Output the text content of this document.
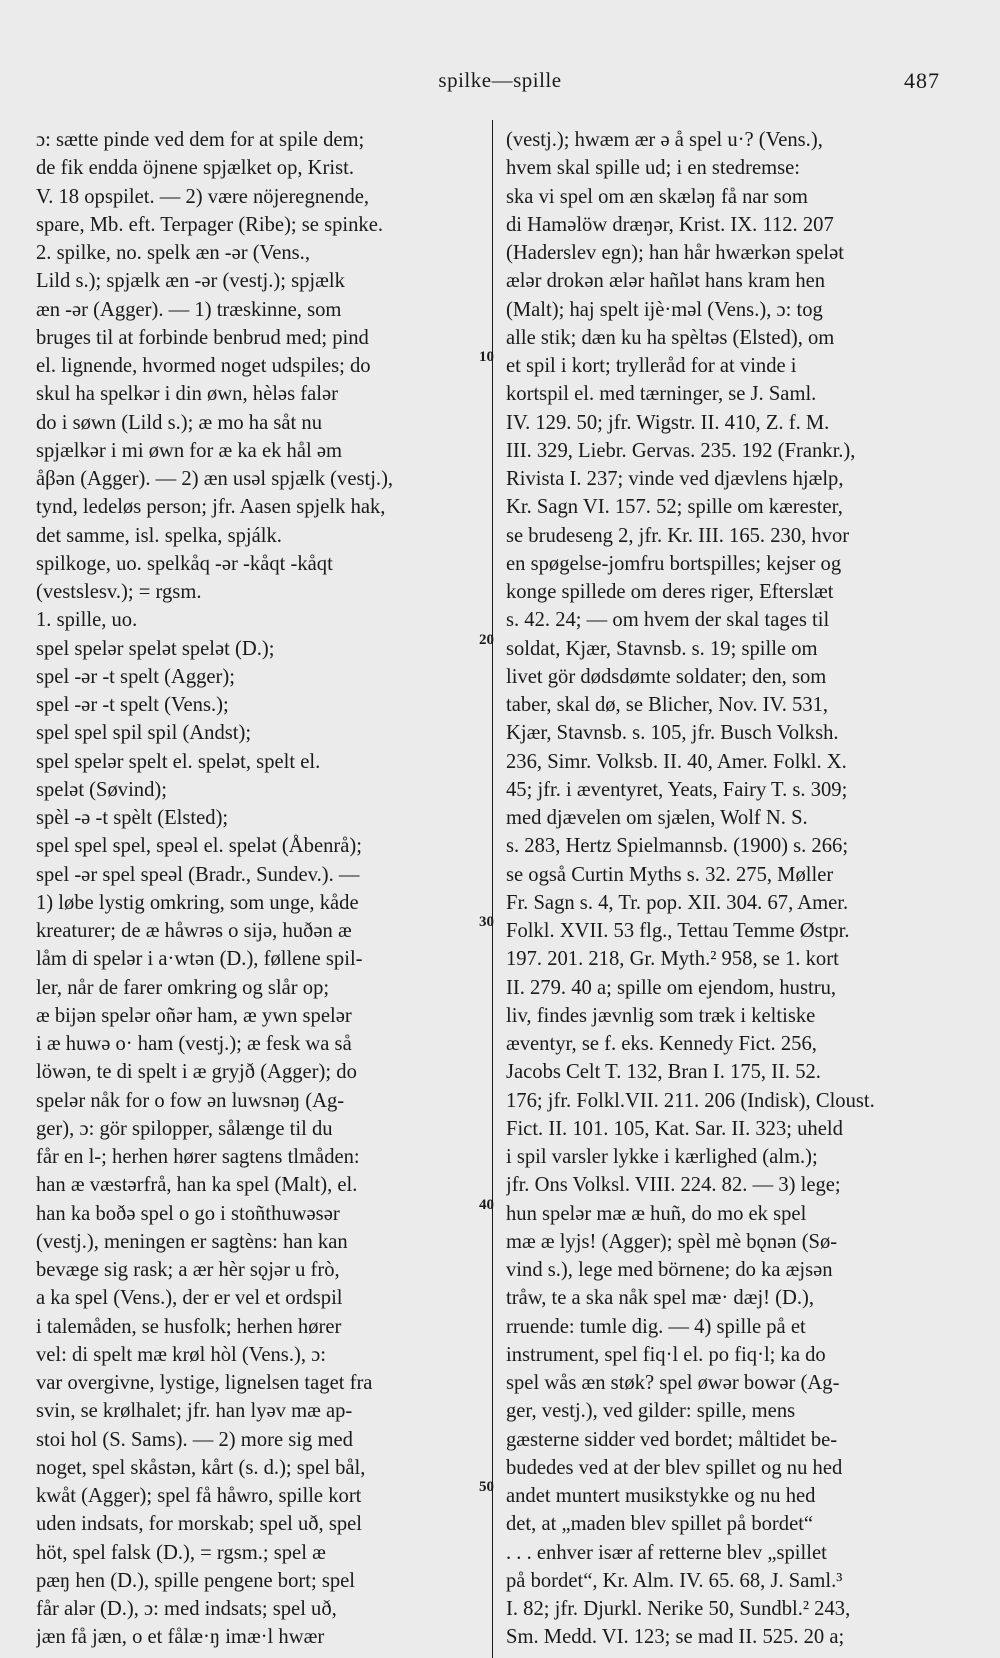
spilke—spille	487
ɔ: sætte pinde ved dem for at spile dem;
de fik endda öjnene spjælket op, Krist.
V. 18 opspilet. — 2) være nöjeregnende,
spare, Mb. eft. Terpager (Ribe); se spinke.
2. spilke, no. spelk æn -ər (Vens.,
Lild s.); spjælk æn -ər (vestj.); spjælk
æn -ər (Agger). — 1) træskinne, som
bruges til at forbinde benbrud med; pind
el. lignende, hvormed noget udspiles; do
skul ha spelkər i din øwn, hèləs falər
do i søwn (Lild s.); æ mo ha såt nu
spjælkər i mi øwn for æ ka ek hål əm
åβən (Agger). — 2) æn usəl spjælk (vestj.),
tynd, ledeløs person; jfr. Aasen spjelk hak,
det samme, isl. spelka, spjálk.
spilkoge, uo. spelkåq -ər -kåqt -kåqt
(vestslesv.); = rgsm.
1. spille, uo.
spel spelər spelət spelət (D.);
spel -ər -t spelt (Agger);
spel -ər -t spelt (Vens.);
spel spel spil spil (Andst);
spel spelər spelt el. spelət, spelt el.
spelət (Søvind);
spèl -ə -t spèlt (Elsted);
spel spel spel, speəl el. spelət (Åbenrå);
spel -ər spel speəl (Bradr., Sundev.). —
1) løbe lystig omkring, som unge, kåde
kreaturer; de æ håwrəs o sijə, huðən æ
låm di spelər i a·wtən (D.), føllene spil-
ler, når de farer omkring og slår op;
æ bijən spelər oñər ham, æ ywn spelər
i æ huwə o· ham (vestj.); æ fesk wa så
löwən, te di spelt i æ gryjð (Agger); do
spelər nåk for o fow ən luwsnəŋ (Ag-
ger), ɔ: gör spilopper, sålænge til du
får en l-; herhen hører sagtens tlmåden:
han æ væstərfrå, han ka spel (Malt), el.
han ka boðə spel o go i stoñthuwəsər
(vestj.), meningen er sagtèns: han kan
bevæge sig rask; a ær hèr sǫjər u frò,
a ka spel (Vens.), der er vel et ordspil
i talemåden, se husfolk; herhen hører
vel: di spelt mæ krøl hòl (Vens.), ɔ:
var overgivne, lystige, lignelsen taget fra
svin, se krølhalet; jfr. han lyəv mæ ap-
stoi hol (S. Sams). — 2) more sig med
noget, spel skåstən, kårt (s. d.); spel bål,
kwåt (Agger); spel få håwro, spille kort
uden indsats, for morskab; spel uð, spel
höt, spel falsk (D.), = rgsm.; spel æ
pæŋ hen (D.), spille pengene bort; spel
får alər (D.), ɔ: med indsats; spel uð,
jæn få jæn, o et fålæ·ŋ imæ·l hwær
(vestj.); hwæm ær ə å spel u·? (Vens.),
hvem skal spille ud; i en stedremse:
ska vi spel om æn skæləŋ få nar som
di Haməlöw dræŋər, Krist. IX. 112. 207
(Haderslev egn); han hår hwærkən spelət
ælər drokən ælər hañlət hans kram hen
(Malt); haj spelt ijè·məl (Vens.), ɔ: tog
alle stik; dæn ku ha spèltəs (Elsted), om
et spil i kort; trylleråd for at vinde i
kortspil el. med tærninger, se J. Saml.
IV. 129. 50; jfr. Wigstr. II. 410, Z. f. M.
III. 329, Liebr. Gervas. 235. 192 (Frankr.),
Rivista I. 237; vinde ved djævlens hjælp,
Kr. Sagn VI. 157. 52; spille om kærester,
se brudeseng 2, jfr. Kr. III. 165. 230, hvor
en spøgelse-jomfru bortspilles; kejser og
konge spillede om deres riger, Efterslæt
s. 42. 24; — om hvem der skal tages til
soldat, Kjær, Stavnsb. s. 19; spille om
livet gör dødsdømte soldater; den, som
taber, skal dø, se Blicher, Nov. IV. 531,
Kjær, Stavnsb. s. 105, jfr. Busch Volksh.
236, Simr. Volksb. II. 40, Amer. Folkl. X.
45; jfr. i æventyret, Yeats, Fairy T. s. 309;
med djævelen om sjælen, Wolf N. S.
s. 283, Hertz Spielmannsb. (1900) s. 266;
se også Curtin Myths s. 32. 275, Møller
Fr. Sagn s. 4, Tr. pop. XII. 304. 67, Amer.
Folkl. XVII. 53 flg., Tettau Temme Østpr.
197. 201. 218, Gr. Myth.² 958, se 1. kort
II. 279. 40 a; spille om ejendom, hustru,
liv, findes jævnlig som træk i keltiske
æventyr, se f. eks. Kennedy Fict. 256,
Jacobs Celt T. 132, Bran I. 175, II. 52.
176; jfr. Folkl.VII. 211. 206 (Indisk), Cloust.
Fict. II. 101. 105, Kat. Sar. II. 323; uheld
i spil varsler lykke i kærlighed (alm.);
jfr. Ons Volksl. VIII. 224. 82. — 3) lege;
hun spelər mæ æ huñ, do mo ek spel
mæ æ lyjs! (Agger); spèl mè bǫnən (Sø-
vind s.), lege med börnene; do ka æjsən
tråw, te a ska nåk spel mæ· dæj! (D.),
rruende: tumle dig. — 4) spille på et
instrument, spel fiq·l el. po fiq·l; ka do
spel wås æn støk? spel øwər bowər (Ag-
ger, vestj.), ved gilder: spille, mens
gæsterne sidder ved bordet; måltidet be-
budedes ved at der blev spillet og nu hed
andet muntert musikstykke og nu hed
det, at „maden blev spillet på bordet“
. . . enhver især af retterne blev „spillet
på bordet“, Kr. Alm. IV. 65. 68, J. Saml.³
I. 82; jfr. Djurkl. Nerike 50, Sundbl.² 243,
Sm. Medd. VI. 123; se mad II. 525. 20 a;
10
20
30
40
50
